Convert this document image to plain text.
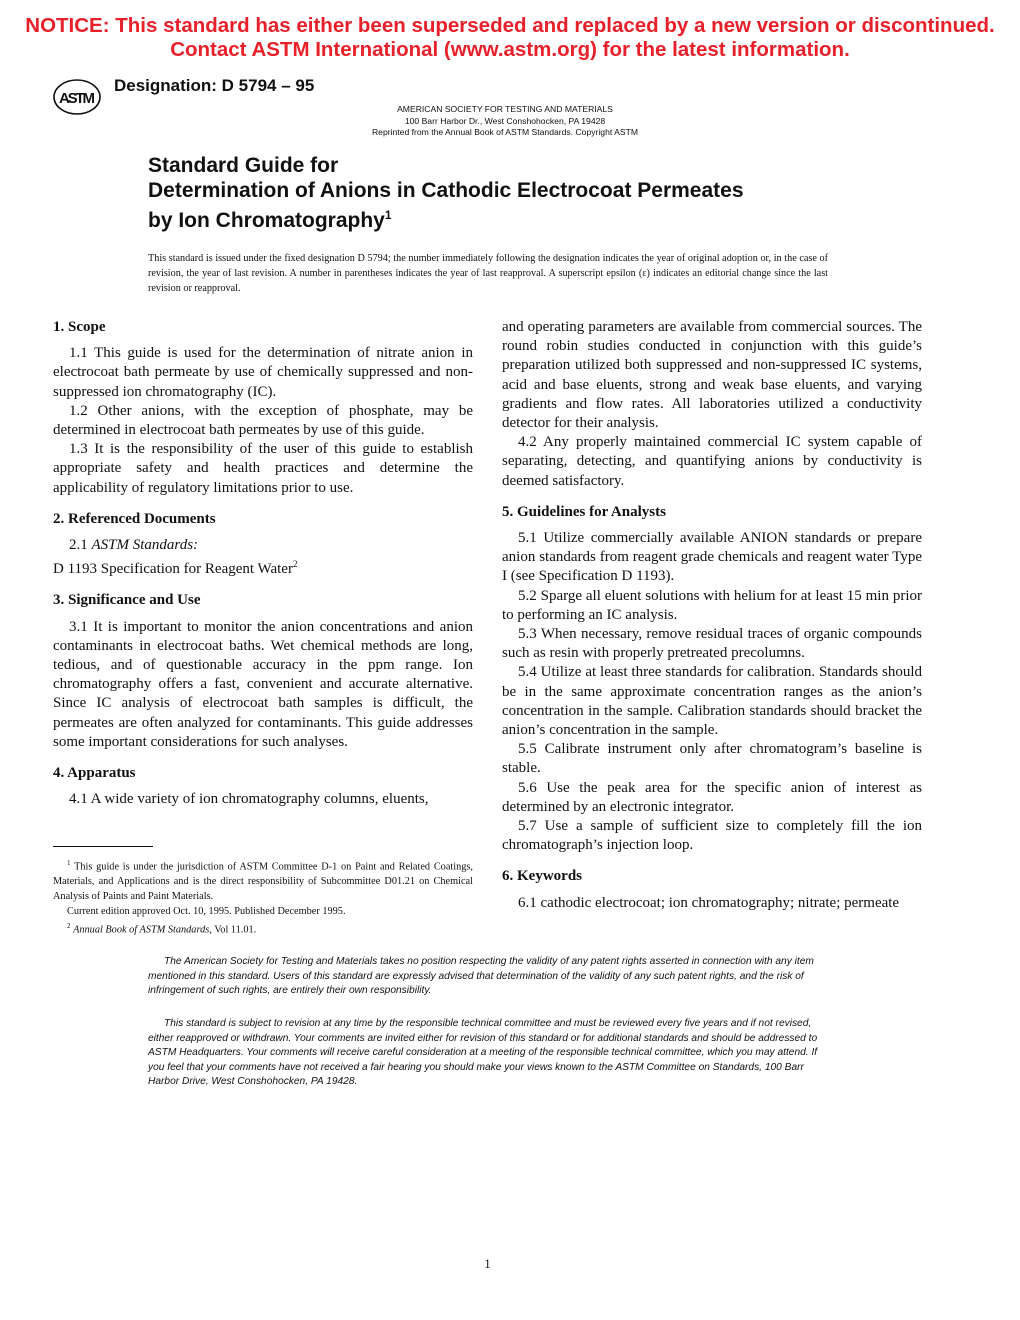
NOTICE: This standard has either been superseded and replaced by a new version or discontinued.
Contact ASTM International (www.astm.org) for the latest information.
ASTM
Designation: D 5794 – 95
AMERICAN SOCIETY FOR TESTING AND MATERIALS
100 Barr Harbor Dr., West Conshohocken, PA 19428
Reprinted from the Annual Book of ASTM Standards. Copyright ASTM
Standard Guide for
Determination of Anions in Cathodic Electrocoat Permeates
by Ion Chromatography$^1$
This standard is issued under the fixed designation D 5794; the number immediately following the designation indicates the year of original adoption or, in the case of revision, the year of last revision. A number in parentheses indicates the year of last reapproval. A superscript epsilon (ε) indicates an editorial change since the last revision or reapproval.
1. Scope

1.1 This guide is used for the determination of nitrate anion in electrocoat bath permeate by use of chemically suppressed and non-suppressed ion chromatography (IC).

1.2 Other anions, with the exception of phosphate, may be determined in electrocoat bath permeates by use of this guide.

1.3 It is the responsibility of the user of this guide to establish appropriate safety and health practices and determine the applicability of regulatory limitations prior to use.

2. Referenced Documents

2.1 ASTM Standards:

D 1193 Specification for Reagent Water$^2$

3. Significance and Use

3.1 It is important to monitor the anion concentrations and anion contaminants in electrocoat baths. Wet chemical methods are long, tedious, and of questionable accuracy in the ppm range. Ion chromatography offers a fast, convenient and accurate alternative. Since IC analysis of electrocoat bath samples is difficult, the permeates are often analyzed for contaminants. This guide addresses some important considerations for such analyses.

4. Apparatus

4.1 A wide variety of ion chromatography columns, eluents,

$^1$ This guide is under the jurisdiction of ASTM Committee D-1 on Paint and Related Coatings, Materials, and Applications and is the direct responsibility of Subcommittee D01.21 on Chemical Analysis of Paints and Paint Materials.

Current edition approved Oct. 10, 1995. Published December 1995.

$^2$ Annual Book of ASTM Standards, Vol 11.01.

and operating parameters are available from commercial sources. The round robin studies conducted in conjunction with this guide’s preparation utilized both suppressed and non-suppressed IC systems, acid and base eluents, strong and weak base eluents, and varying gradients and flow rates. All laboratories utilized a conductivity detector for their analysis.

4.2 Any properly maintained commercial IC system capable of separating, detecting, and quantifying anions by conductivity is deemed satisfactory.

5. Guidelines for Analysts

5.1 Utilize commercially available ANION standards or prepare anion standards from reagent grade chemicals and reagent water Type I (see Specification D 1193).

5.2 Sparge all eluent solutions with helium for at least 15 min prior to performing an IC analysis.

5.3 When necessary, remove residual traces of organic compounds such as resin with properly pretreated precolumns.

5.4 Utilize at least three standards for calibration. Standards should be in the same approximate concentration ranges as the anion’s concentration in the sample. Calibration standards should bracket the anion’s concentration in the sample.

5.5 Calibrate instrument only after chromatogram’s baseline is stable.

5.6 Use the peak area for the specific anion of interest as determined by an electronic integrator.

5.7 Use a sample of sufficient size to completely fill the ion chromatograph’s injection loop.

6. Keywords

6.1 cathodic electrocoat; ion chromatography; nitrate; permeate

The American Society for Testing and Materials takes no position respecting the validity of any patent rights asserted in connection with any item mentioned in this standard. Users of this standard are expressly advised that determination of the validity of any such patent rights, and the risk of infringement of such rights, are entirely their own responsibility.

This standard is subject to revision at any time by the responsible technical committee and must be reviewed every five years and if not revised, either reapproved or withdrawn. Your comments are invited either for revision of this standard or for additional standards and should be addressed to ASTM Headquarters. Your comments will receive careful consideration at a meeting of the responsible technical committee, which you may attend. If you feel that your comments have not received a fair hearing you should make your views known to the ASTM Committee on Standards, 100 Barr Harbor Drive, West Conshohocken, PA 19428.

1
